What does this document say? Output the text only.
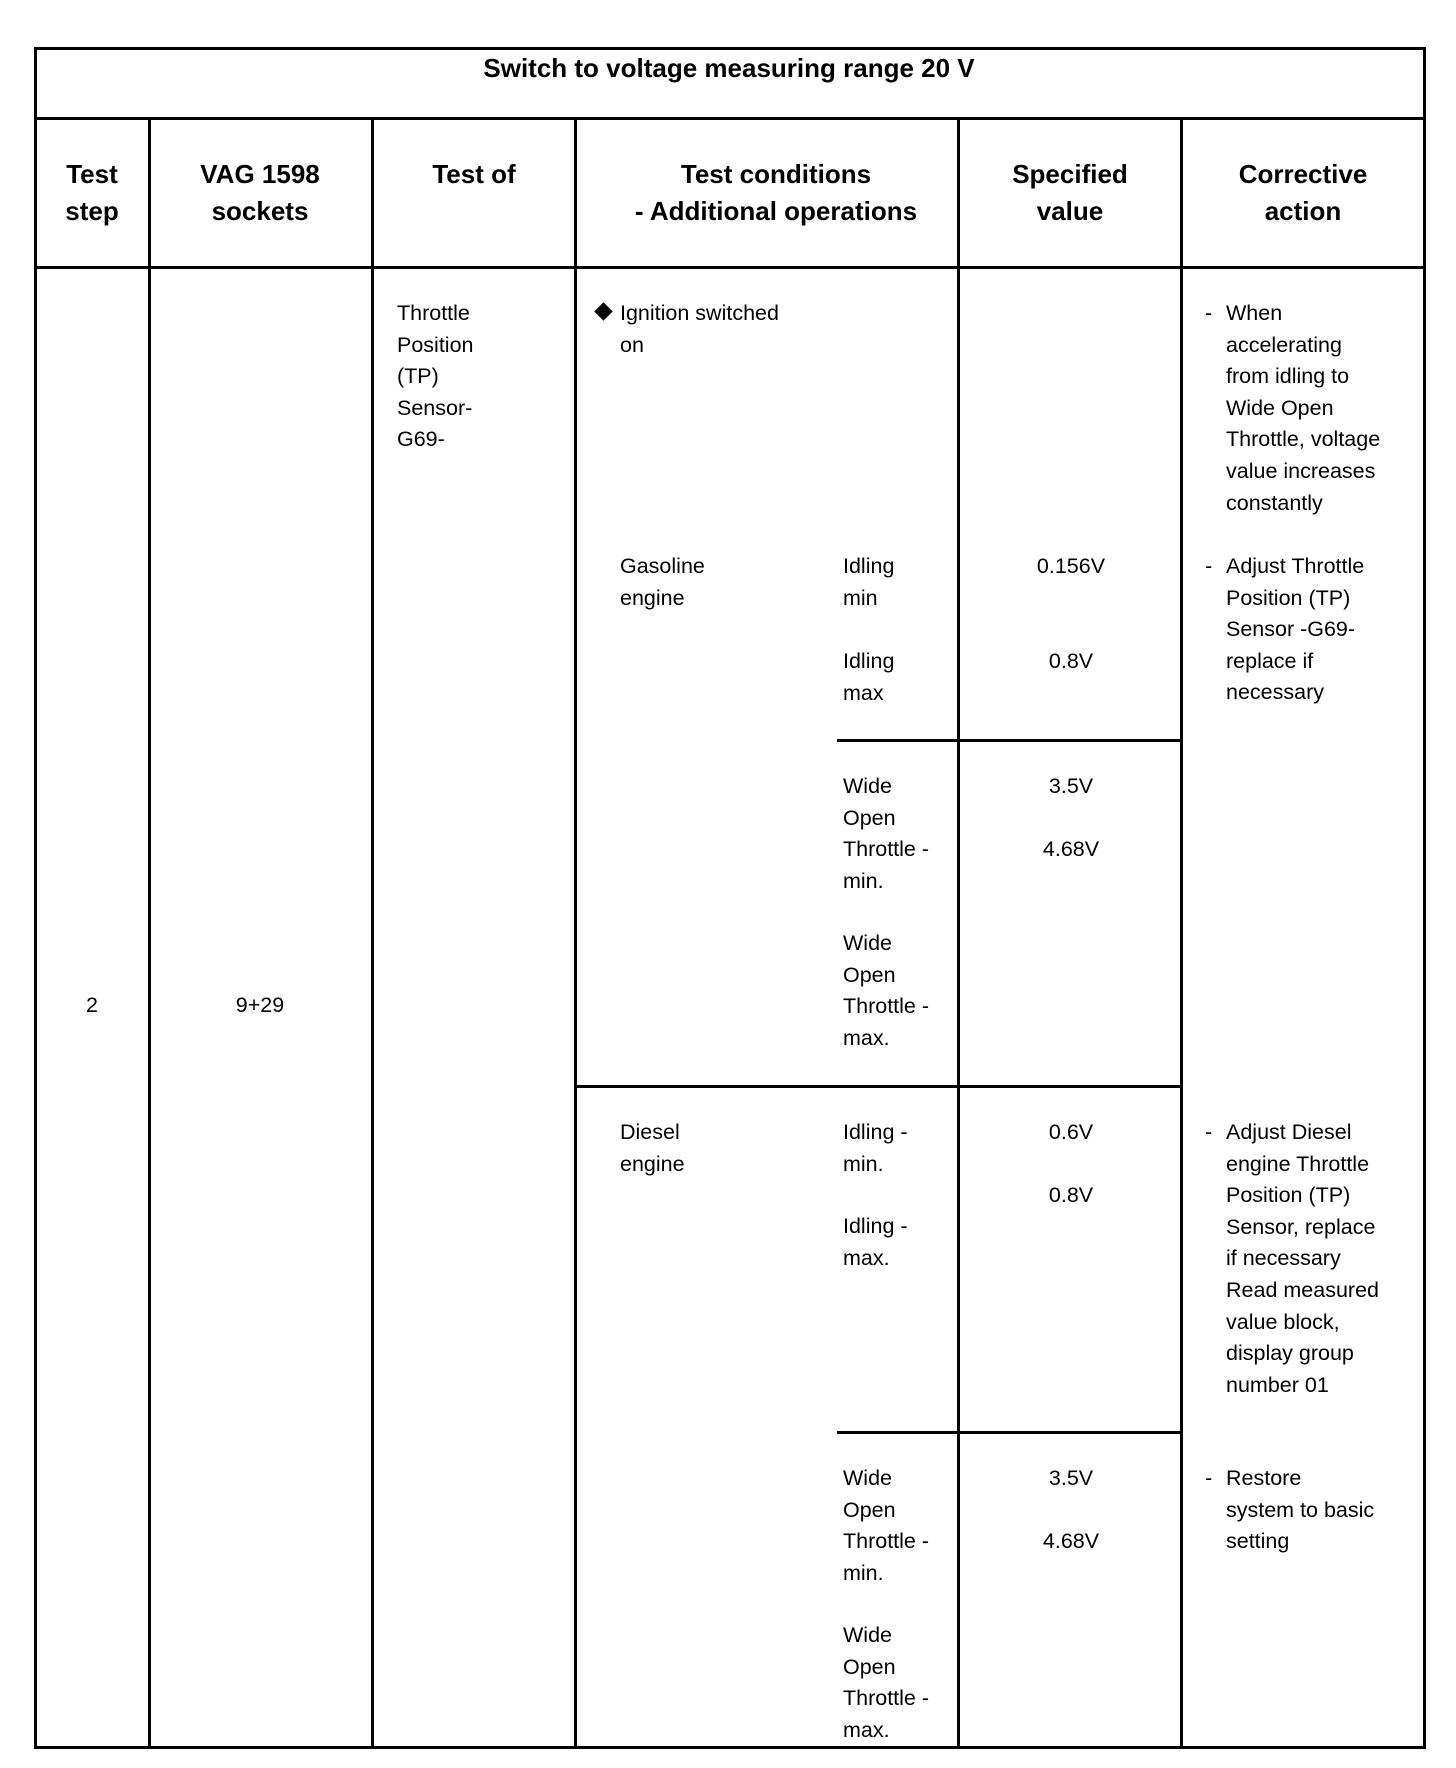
Switch to voltage measuring range 20 V
Test
step
VAG 1598
sockets
Test of	Test conditions
- Additional operations
Specified
value
Corrective
action
2	9+29
Throttle
Position
(TP)
Sensor-
G69-
Ignition switched
on
- When
accelerating
from idling to
Wide Open
Throttle, voltage
value increases
constantly
Gasoline
engine
Idling
min
Idling
max
0.156V
0.8V
- Adjust Throttle
Position (TP)
Sensor -G69-
replace if
necessary
Wide
Open
Throttle -
min.
Wide
Open
Throttle -
max.
3.5V
4.68V
Diesel
engine
Idling -
min.
Idling -
max.
0.6V
0.8V
- Adjust Diesel
engine Throttle
Position (TP)
Sensor, replace
if necessary
Read measured
value block,
display group
number 01
Wide
Open
Throttle -
min.
Wide
Open
Throttle -
max.
3.5V
4.68V
- Restore
system to basic
setting
